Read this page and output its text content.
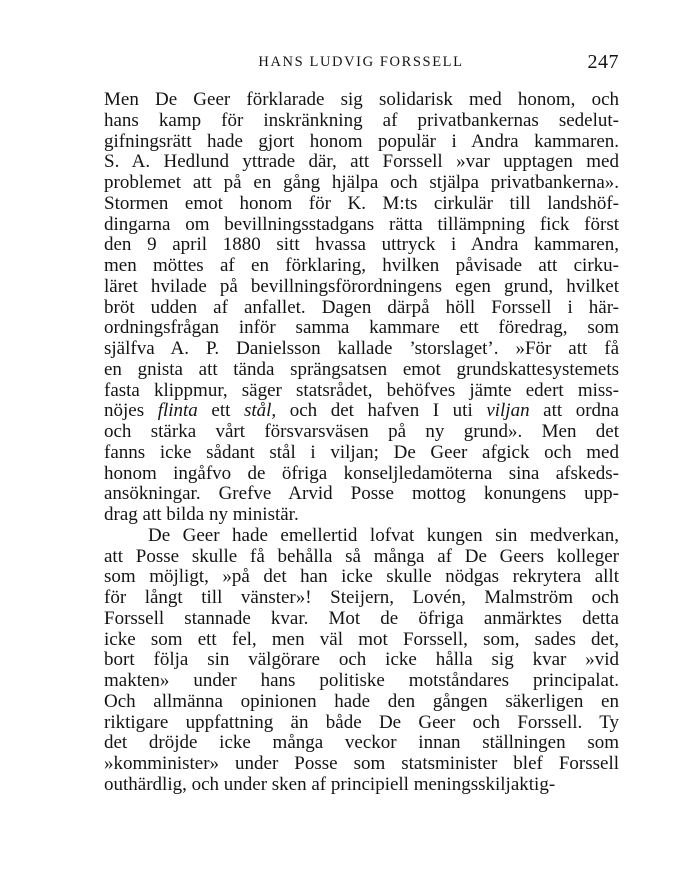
HANS LUDVIG FORSSELL	247
Men De Geer förklarade sig solidarisk med honom, och
hans kamp för inskränkning af privatbankernas sedelut-
gifningsrätt hade gjort honom populär i Andra kammaren.
S. A. Hedlund yttrade där, att Forssell »var upptagen med
problemet att på en gång hjälpa och stjälpa privatbankerna».
Stormen emot honom för K. M:ts cirkulär till landshöf-
dingarna om bevillningsstadgans rätta tillämpning fick först
den 9 april 1880 sitt hvassa uttryck i Andra kammaren,
men möttes af en förklaring, hvilken påvisade att cirku-
läret hvilade på bevillningsförordningens egen grund, hvilket
bröt udden af anfallet. Dagen därpå höll Forssell i här-
ordningsfrågan inför samma kammare ett föredrag, som
själfva A. P. Danielsson kallade ’storslaget’. »För att få
en gnista att tända sprängsatsen emot grundskattesystemets
fasta klippmur, säger statsrådet, behöfves jämte edert miss-
nöjes flinta ett stål, och det hafven I uti viljan att ordna
och stärka vårt försvarsväsen på ny grund». Men det
fanns icke sådant stål i viljan; De Geer afgick och med
honom ingåfvo de öfriga konseljledamöterna sina afskeds-
ansökningar. Grefve Arvid Posse mottog konungens upp-
drag att bilda ny ministär.
De Geer hade emellertid lofvat kungen sin medverkan,
att Posse skulle få behålla så många af De Geers kolleger
som möjligt, »på det han icke skulle nödgas rekrytera allt
för långt till vänster»! Steijern, Lovén, Malmström och
Forssell stannade kvar. Mot de öfriga anmärktes detta
icke som ett fel, men väl mot Forssell, som, sades det,
bort följa sin välgörare och icke hålla sig kvar »vid
makten» under hans politiske motståndares principalat.
Och allmänna opinionen hade den gången säkerligen en
riktigare uppfattning än både De Geer och Forssell. Ty
det dröjde icke många veckor innan ställningen som
»komminister» under Posse som statsminister blef Forssell
outhärdlig, och under sken af principiell meningsskiljaktig-
